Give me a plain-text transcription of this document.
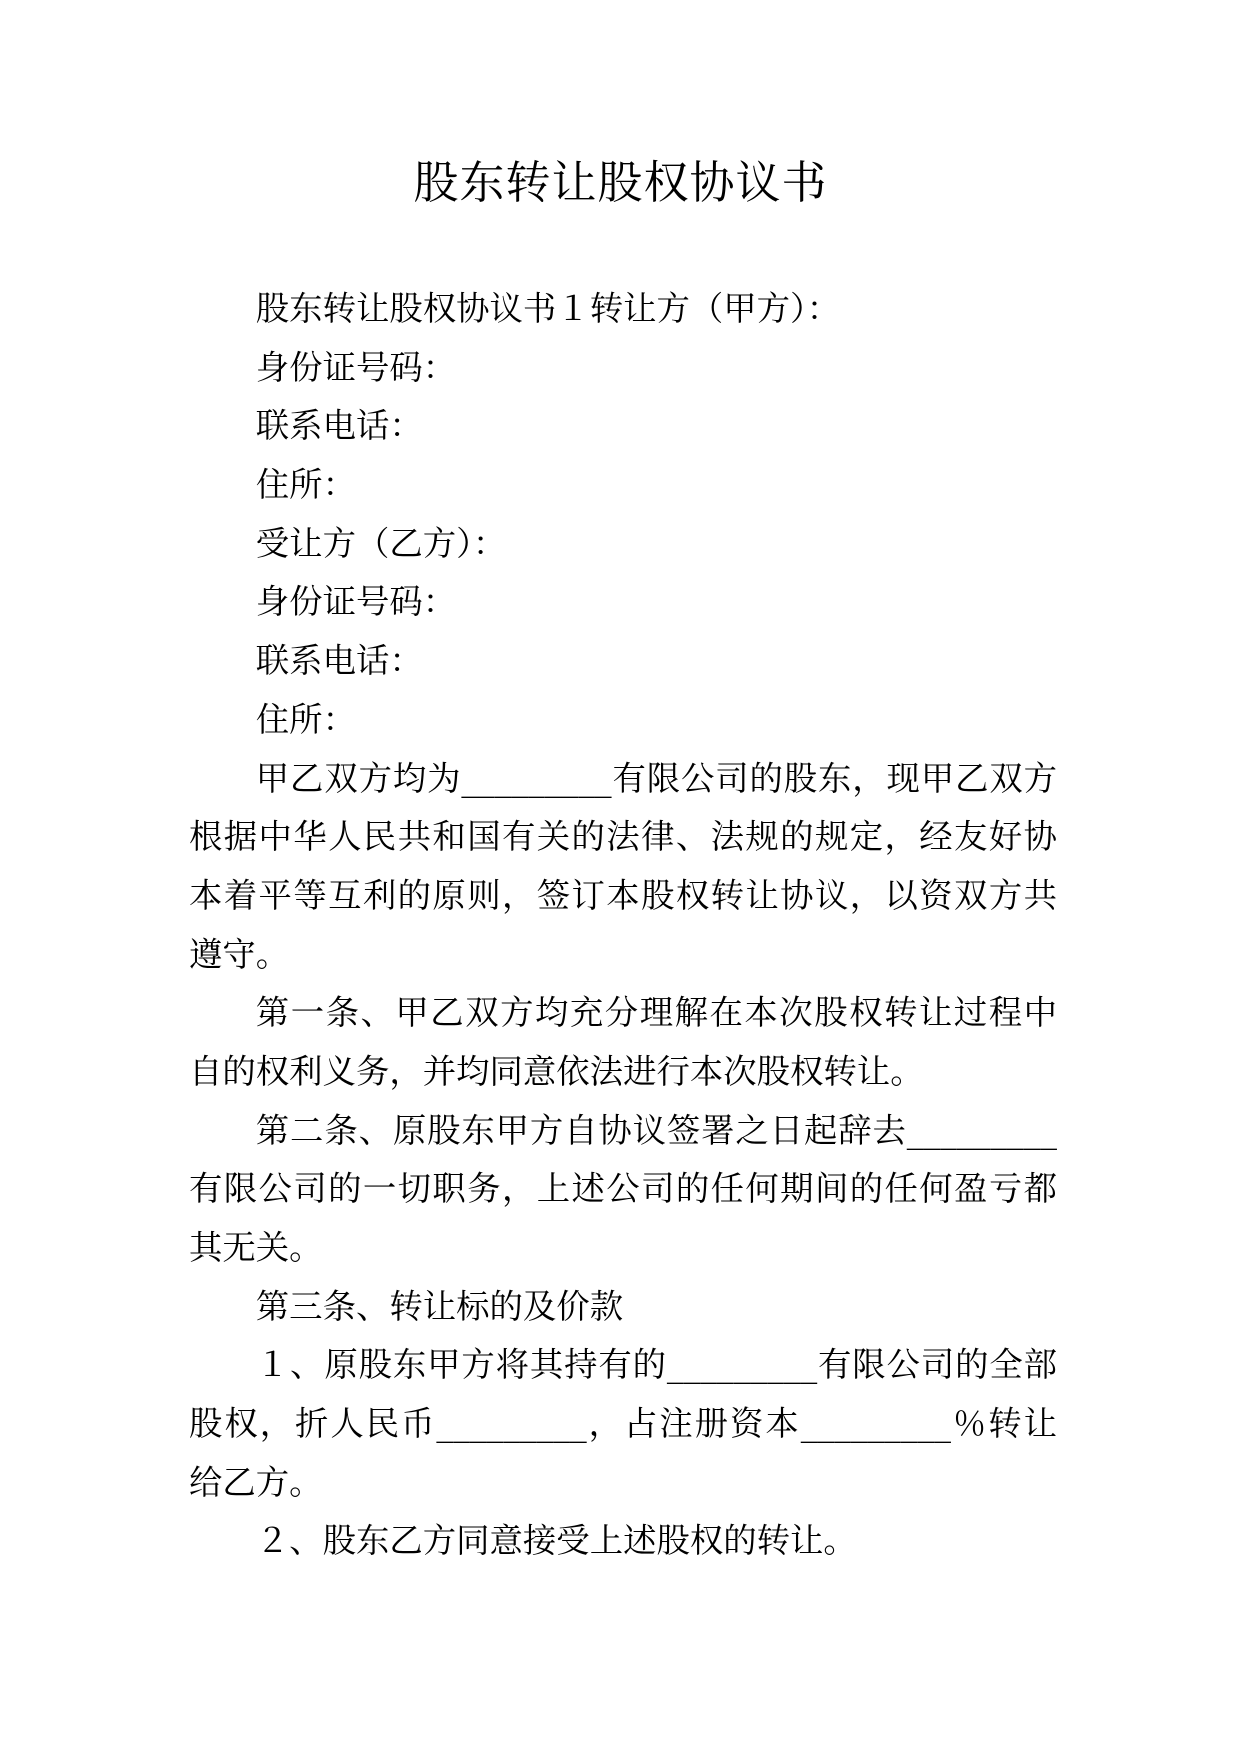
股东转让股权协议书
股东转让股权协议书１转让方（甲方）：
身份证号码：
联系电话：
住所：
受让方（乙方）：
身份证号码：
联系电话：
住所：
甲乙双方均为_________有限公司的股东，现甲乙双方
根据中华人民共和国有关的法律、法规的规定，经友好协
本着平等互利的原则，签订本股权转让协议，以资双方共
遵守。
第一条、甲乙双方均充分理解在本次股权转让过程中
自的权利义务，并均同意依法进行本次股权转让。
第二条、原股东甲方自协议签署之日起辞去_________
有限公司的一切职务，上述公司的任何期间的任何盈亏都
其无关。
第三条、转让标的及价款
１、原股东甲方将其持有的_________有限公司的全部
股权，折人民币_________，占注册资本_________％转让
给乙方。
２、股东乙方同意接受上述股权的转让。
